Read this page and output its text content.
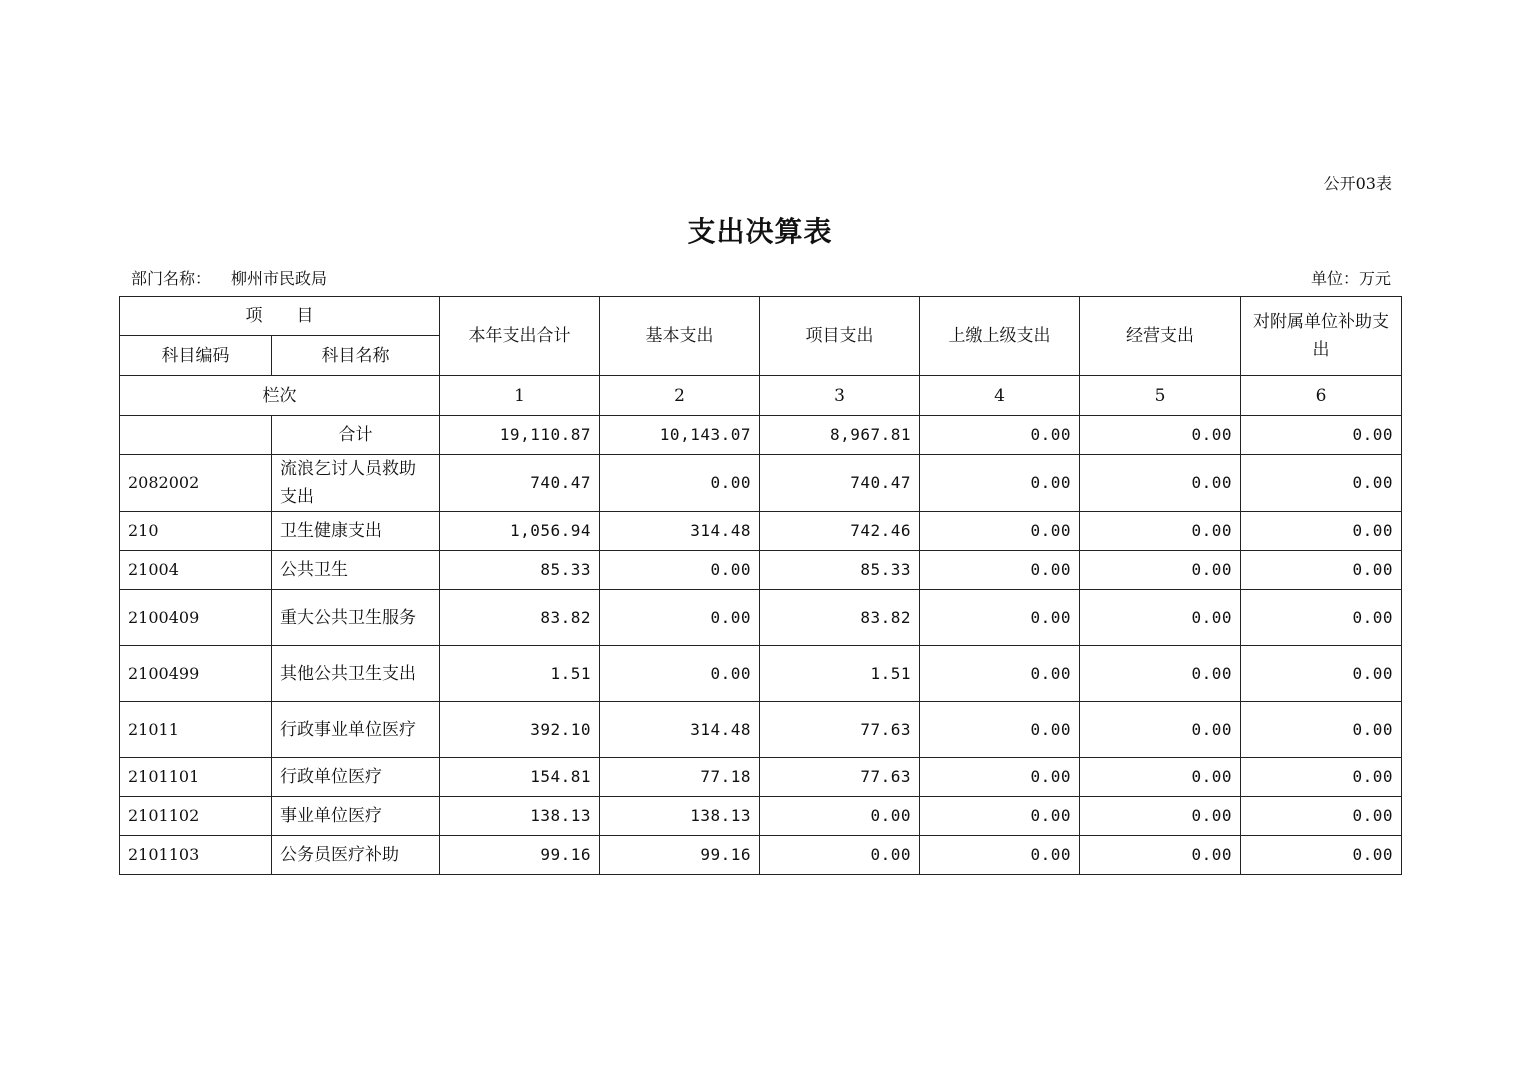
公开03表
支出决算表
部门名称： 柳州市民政局	单位：万元
项　　目		本年支出合计	基本支出	项目支出	上缴上级支出	经营支出	对附属单位补助支出
科目编码	科目名称						
栏次		1	2	3	4	5	6
	合计	19,110.87	10,143.07	8,967.81	0.00	0.00	0.00
2082002	流浪乞讨人员救助支出	740.47	0.00	740.47	0.00	0.00	0.00
210	卫生健康支出	1,056.94	314.48	742.46	0.00	0.00	0.00
21004	公共卫生	85.33	0.00	85.33	0.00	0.00	0.00
2100409	重大公共卫生服务	83.82	0.00	83.82	0.00	0.00	0.00
2100499	其他公共卫生支出	1.51	0.00	1.51	0.00	0.00	0.00
21011	行政事业单位医疗	392.10	314.48	77.63	0.00	0.00	0.00
2101101	行政单位医疗	154.81	77.18	77.63	0.00	0.00	0.00
2101102	事业单位医疗	138.13	138.13	0.00	0.00	0.00	0.00
2101103	公务员医疗补助	99.16	99.16	0.00	0.00	0.00	0.00
